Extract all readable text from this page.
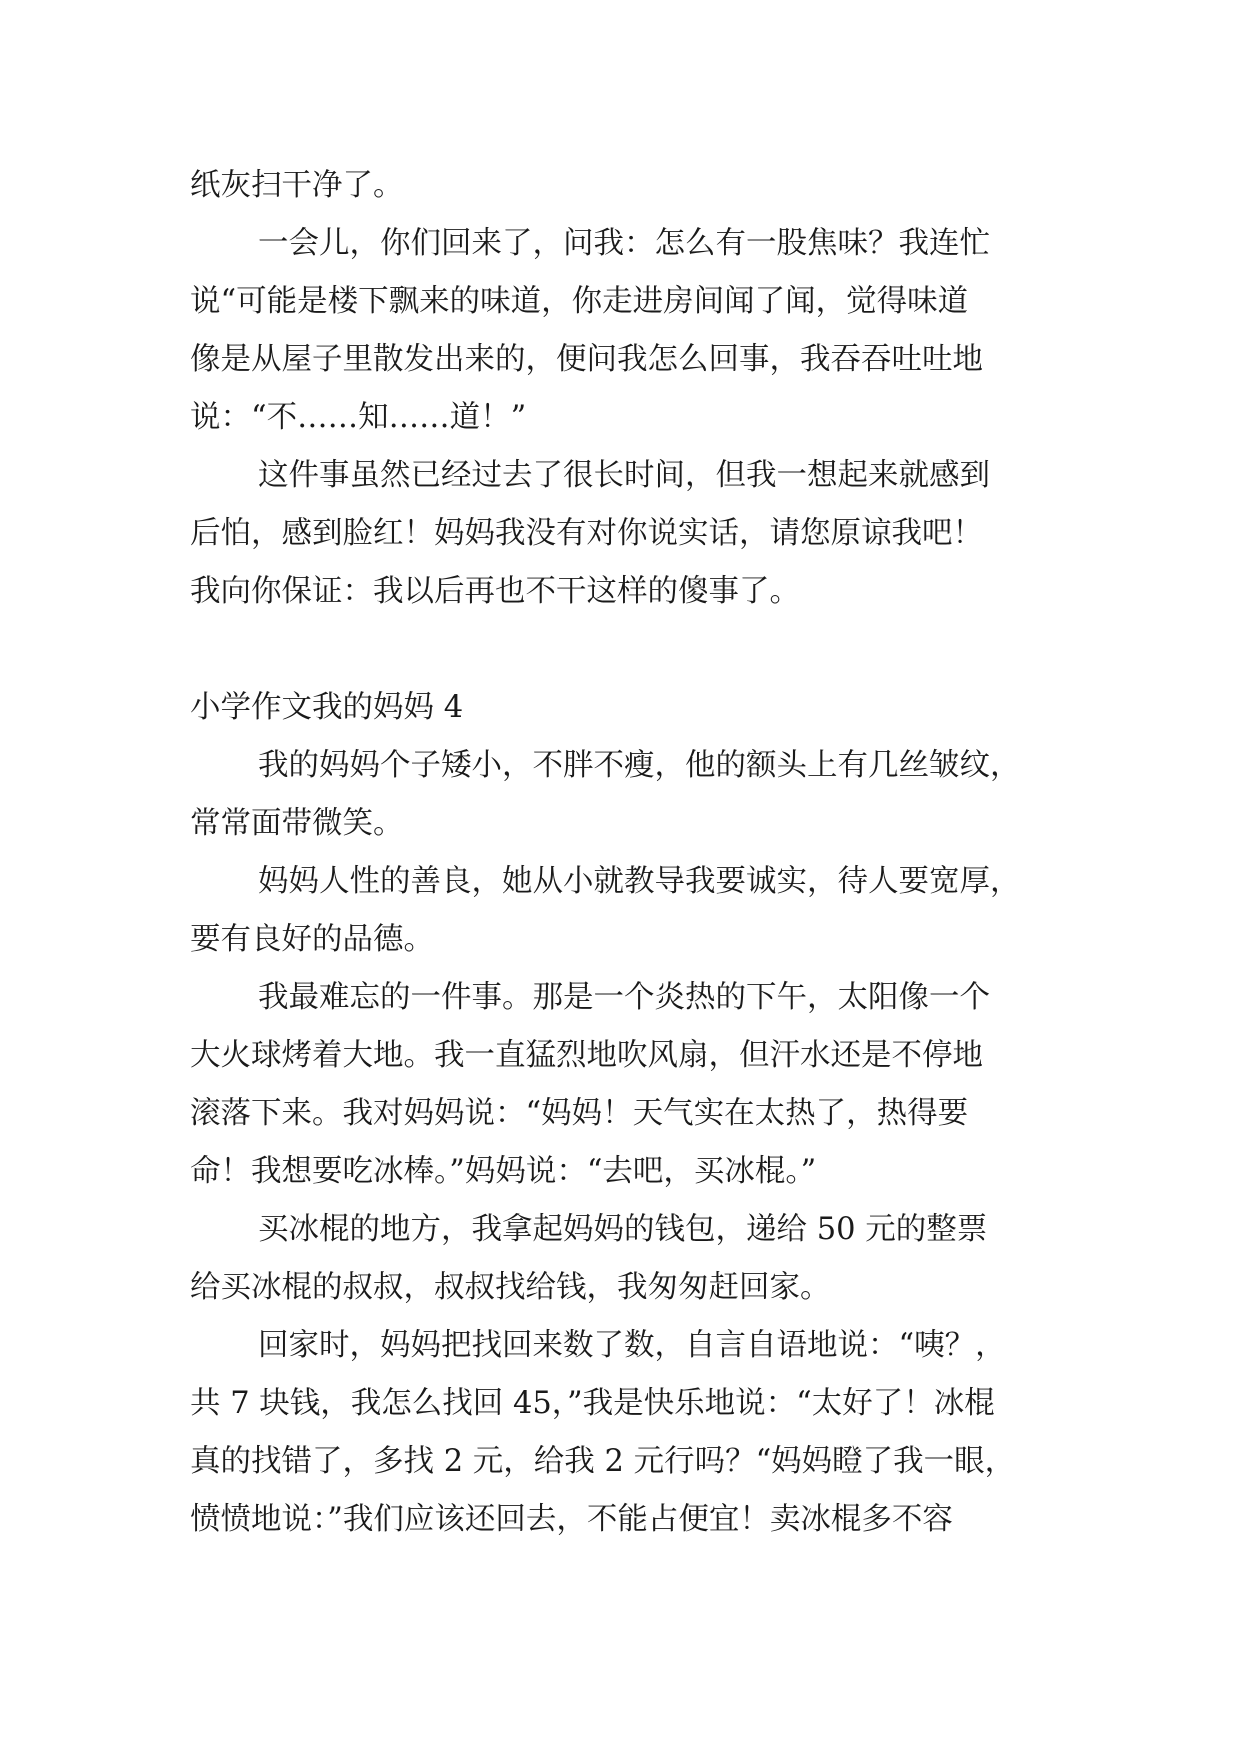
纸灰扫干净了。

一会儿，你们回来了，问我：怎么有一股焦味？我连忙

说“可能是楼下飘来的味道，你走进房间闻了闻，觉得味道

像是从屋子里散发出来的，便问我怎么回事，我吞吞吐吐地

说：“不……知……道！”

这件事虽然已经过去了很长时间，但我一想起来就感到

后怕，感到脸红！妈妈我没有对你说实话，请您原谅我吧！

我向你保证：我以后再也不干这样的傻事了。

小学作文我的妈妈 4

我的妈妈个子矮小，不胖不瘦，他的额头上有几丝皱纹，

常常面带微笑。

妈妈人性的善良，她从小就教导我要诚实，待人要宽厚，

要有良好的品德。

我最难忘的一件事。那是一个炎热的下午，太阳像一个

大火球烤着大地。我一直猛烈地吹风扇，但汗水还是不停地

滚落下来。我对妈妈说：“妈妈！天气实在太热了，热得要

命！我想要吃冰棒。”妈妈说：“去吧，买冰棍。”

买冰棍的地方，我拿起妈妈的钱包，递给 50 元的整票

给买冰棍的叔叔，叔叔找给钱，我匆匆赶回家。

回家时，妈妈把找回来数了数，自言自语地说：“咦？，

共 7 块钱，我怎么找回 45，”我是快乐地说：“太好了！冰棍

真的找错了，多找 2 元，给我 2 元行吗？“妈妈瞪了我一眼，

愤愤地说：”我们应该还回去，不能占便宜！卖冰棍多不容
